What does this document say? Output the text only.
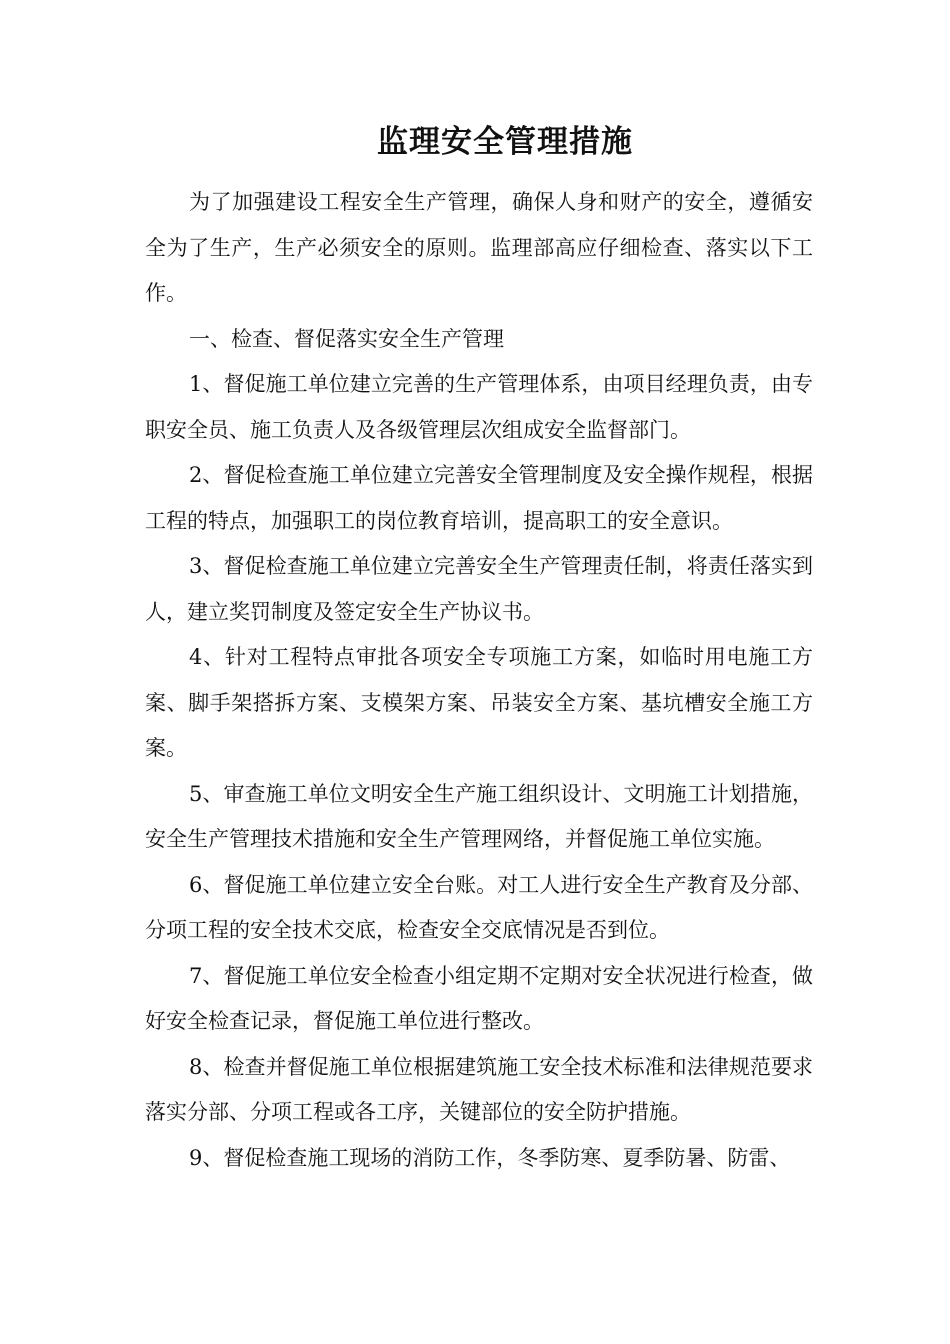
监理安全管理措施

为了加强建设工程安全生产管理，确保人身和财产的安全，遵循安全为了生产，生产必须安全的原则。监理部高应仔细检查、落实以下工作。

一、检查、督促落实安全生产管理

1、督促施工单位建立完善的生产管理体系，由项目经理负责，由专职安全员、施工负责人及各级管理层次组成安全监督部门。

2、督促检查施工单位建立完善安全管理制度及安全操作规程，根据工程的特点，加强职工的岗位教育培训，提高职工的安全意识。

3、督促检查施工单位建立完善安全生产管理责任制，将责任落实到人，建立奖罚制度及签定安全生产协议书。

4、针对工程特点审批各项安全专项施工方案，如临时用电施工方案、脚手架搭拆方案、支模架方案、吊装安全方案、基坑槽安全施工方案。

5、审查施工单位文明安全生产施工组织设计、文明施工计划措施，安全生产管理技术措施和安全生产管理网络，并督促施工单位实施。

6、督促施工单位建立安全台账。对工人进行安全生产教育及分部、分项工程的安全技术交底，检查安全交底情况是否到位。

7、督促施工单位安全检查小组定期不定期对安全状况进行检查，做好安全检查记录，督促施工单位进行整改。

8、检查并督促施工单位根据建筑施工安全技术标准和法律规范要求落实分部、分项工程或各工序，关键部位的安全防护措施。

9、督促检查施工现场的消防工作，冬季防寒、夏季防暑、防雷、
